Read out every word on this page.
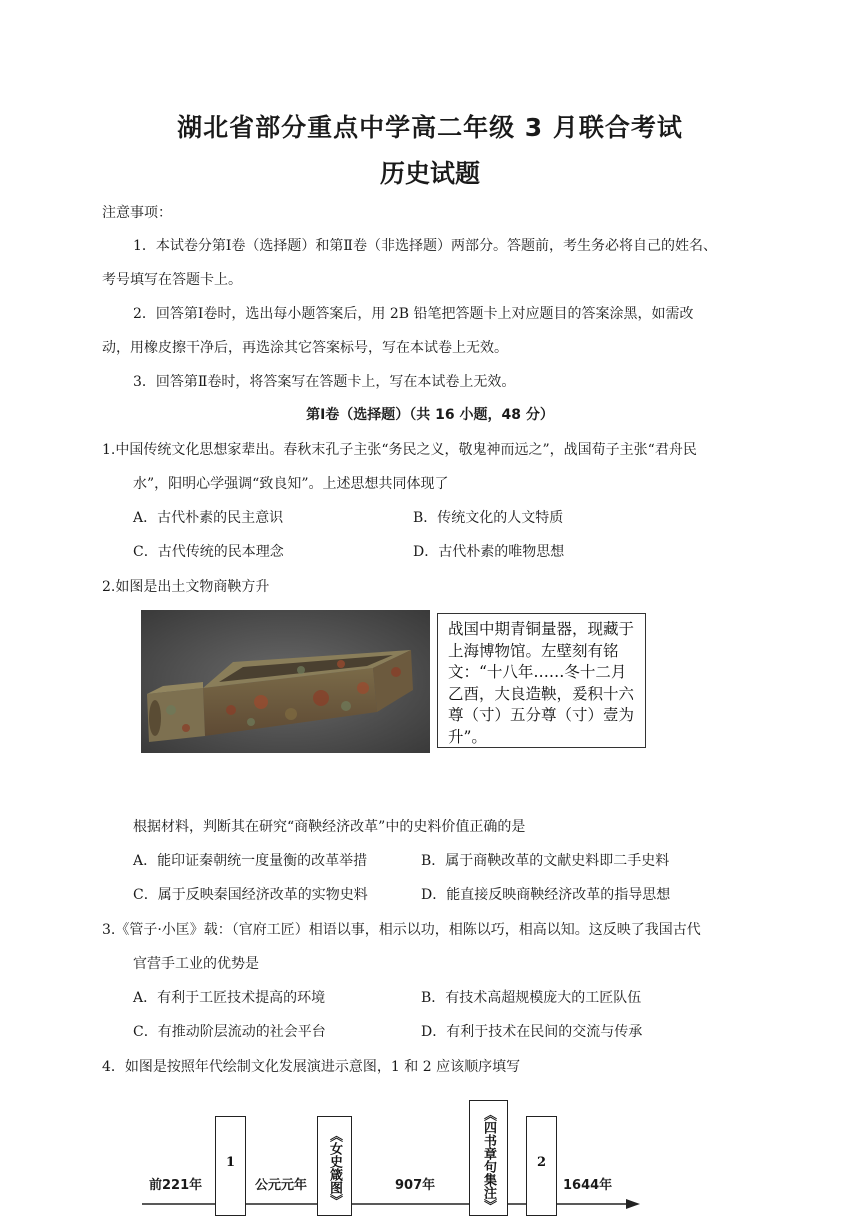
湖北省部分重点中学高二年级 3 月联合考试
历史试题
注意事项：
1．本试卷分第Ⅰ卷（选择题）和第Ⅱ卷（非选择题）两部分。答题前，考生务必将自己的姓名、
考号填写在答题卡上。
2．回答第Ⅰ卷时，选出每小题答案后，用 2B 铅笔把答题卡上对应题目的答案涂黑，如需改
动，用橡皮擦干净后，再选涂其它答案标号，写在本试卷上无效。
3．回答第Ⅱ卷时，将答案写在答题卡上，写在本试卷上无效。
第Ⅰ卷（选择题）（共 16 小题，48 分）
1.中国传统文化思想家辈出。春秋末孔子主张“务民之义，敬鬼神而远之”，战国荀子主张“君舟民
水”，阳明心学强调“致良知”。上述思想共同体现了
A．古代朴素的民主意识	B．传统文化的人文特质
C．古代传统的民本理念	D．古代朴素的唯物思想
2.如图是出土文物商鞅方升
战国中期青铜量器，现藏于
上海博物馆。左壁刻有铭
文：“十八年……冬十二月
乙酉，大良造鞅，爰积十六
尊（寸）五分尊（寸）壹为
升”。
根据材料，判断其在研究“商鞅经济改革”中的史料价值正确的是
A．能印证秦朝统一度量衡的改革举措	B．属于商鞅改革的文献史料即二手史料
C．属于反映秦国经济改革的实物史料	D．能直接反映商鞅经济改革的指导思想
3.《管子·小匡》载：（官府工匠）相语以事，相示以功，相陈以巧，相高以知。这反映了我国古代
官营手工业的优势是
A．有利于工匠技术提高的环境	B．有技术高超规模庞大的工匠队伍
C．有推动阶层流动的社会平台	D．有利于技术在民间的交流与传承
4．如图是按照年代绘制文化发展演进示意图，1 和 2 应该顺序填写
前221年
1
公元元年	《女史箴图》	907年	《四书章句集注》	2
1644年
